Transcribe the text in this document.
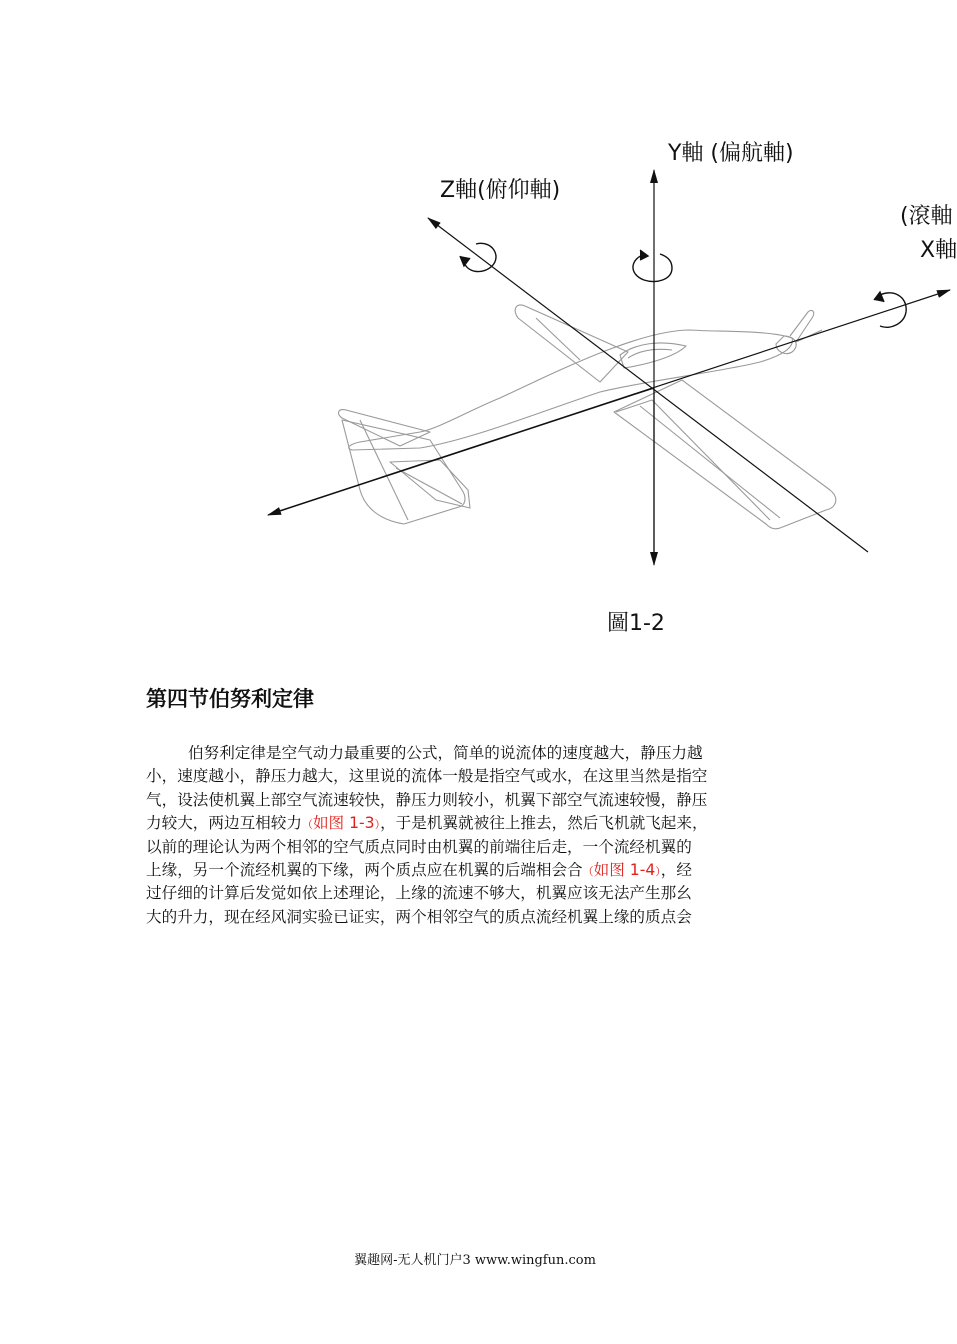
Y軸 (偏航軸)
Z軸(俯仰軸)
(滾軸
X軸
圖1-2
第四节伯努利定律
伯努利定律是空气动力最重要的公式，简单的说流体的速度越大，静压力越
小，速度越小，静压力越大，这里说的流体一般是指空气或水，在这里当然是指空
气，设法使机翼上部空气流速较快，静压力则较小，机翼下部空气流速较慢，静压
力较大，两边互相较力（如图 1-3），于是机翼就被往上推去，然后飞机就飞起来，
以前的理论认为两个相邻的空气质点同时由机翼的前端往后走，一个流经机翼的
上缘，另一个流经机翼的下缘，两个质点应在机翼的后端相会合（如图 1-4），经
过仔细的计算后发觉如依上述理论，上缘的流速不够大，机翼应该无法产生那幺
大的升力，现在经风洞实验已证实，两个相邻空气的质点流经机翼上缘的质点会
翼趣网-无人机门户3 www.wingfun.com
